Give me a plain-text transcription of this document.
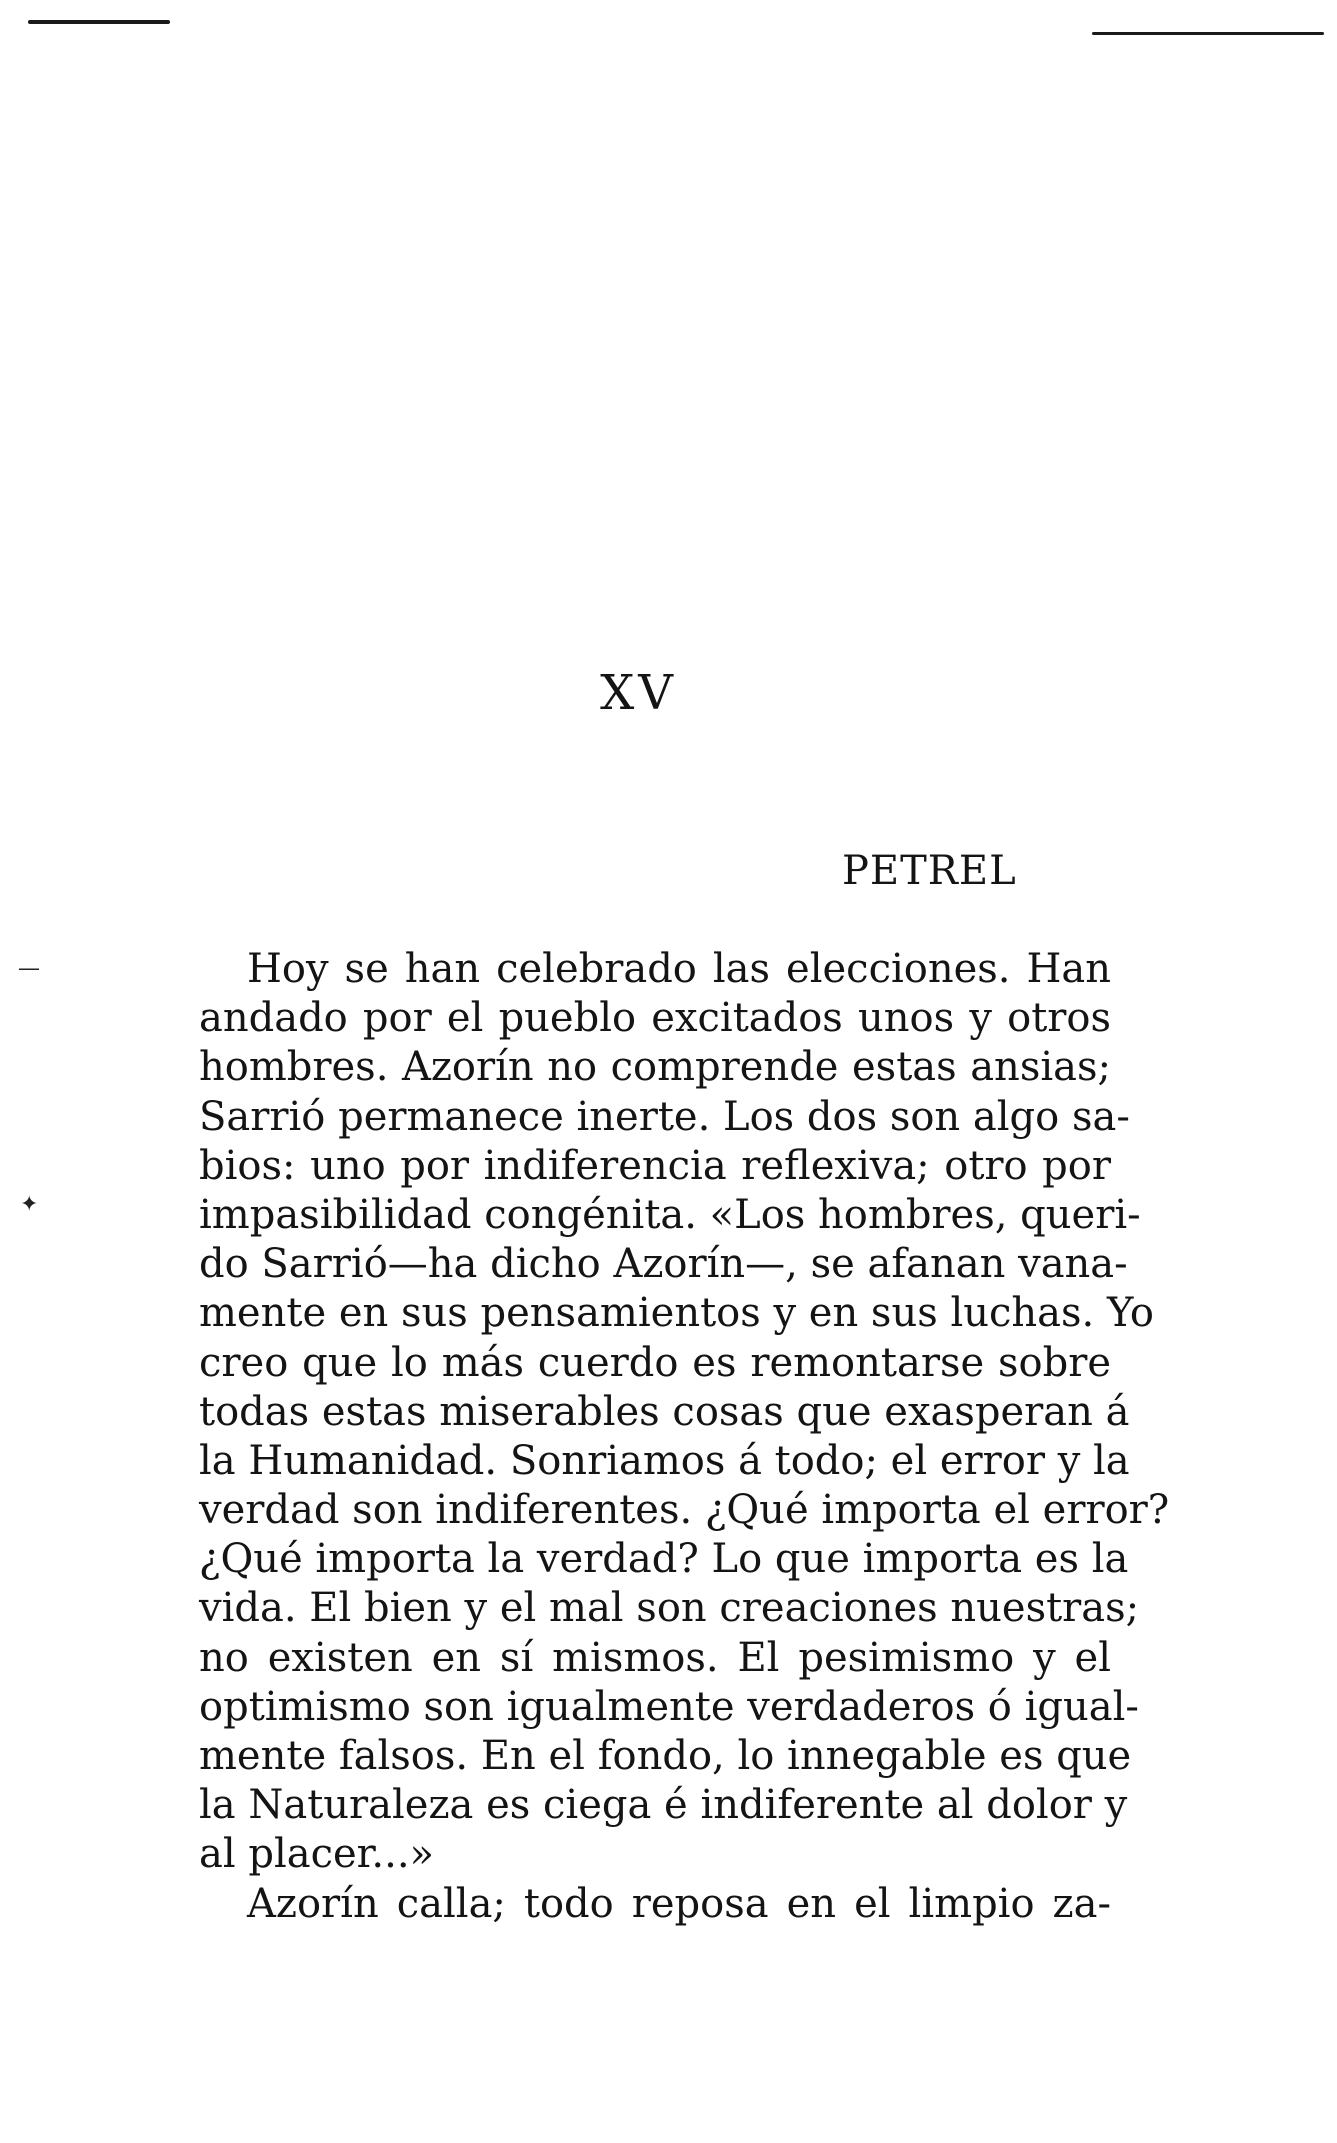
—
✦
XV
PETREL
Hoy se han celebrado las elecciones. Han
andado por el pueblo excitados unos y otros
hombres. Azorín no comprende estas ansias;
Sarrió permanece inerte. Los dos son algo sa-
bios: uno por indiferencia reflexiva; otro por
impasibilidad congénita. «Los hombres, queri-
do Sarrió—ha dicho Azorín—, se afanan vana-
mente en sus pensamientos y en sus luchas. Yo
creo que lo más cuerdo es remontarse sobre
todas estas miserables cosas que exasperan á
la Humanidad. Sonriamos á todo; el error y la
verdad son indiferentes. ¿Qué importa el error?
¿Qué importa la verdad? Lo que importa es la
vida. El bien y el mal son creaciones nuestras;
no existen en sí mismos. El pesimismo y el
optimismo son igualmente verdaderos ó igual-
mente falsos. En el fondo, lo innegable es que
la Naturaleza es ciega é indiferente al dolor y
al placer...»
Azorín calla; todo reposa en el limpio za-
